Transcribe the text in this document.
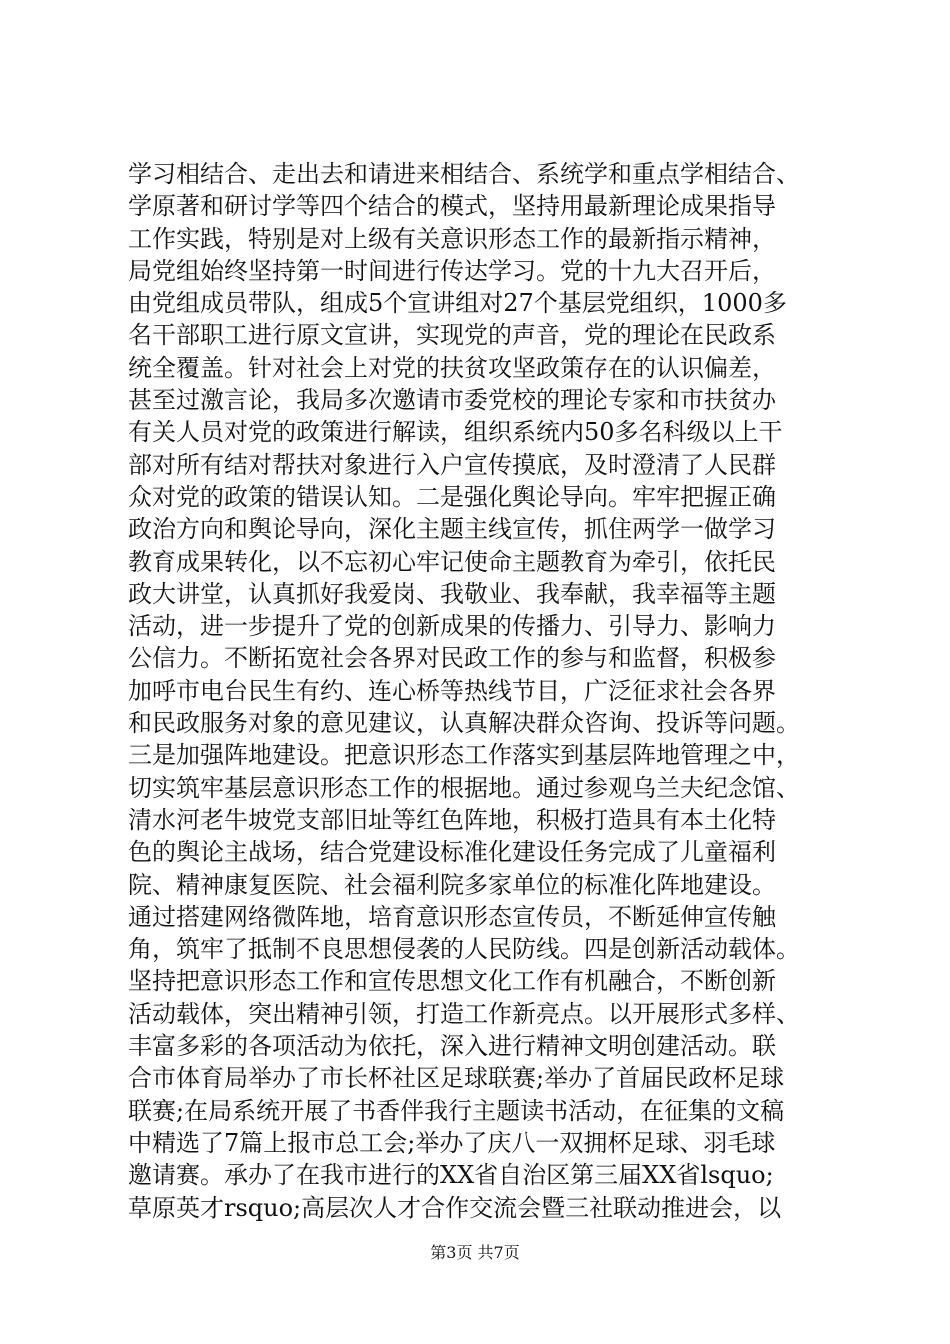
学习相结合、走出去和请进来相结合、系统学和重点学相结合、
学原著和研讨学等四个结合的模式，坚持用最新理论成果指导
工作实践，特别是对上级有关意识形态工作的最新指示精神，
局党组始终坚持第一时间进行传达学习。党的十九大召开后，
由党组成员带队，组成5个宣讲组对27个基层党组织，1000多
名干部职工进行原文宣讲，实现党的声音，党的理论在民政系
统全覆盖。针对社会上对党的扶贫攻坚政策存在的认识偏差，
甚至过激言论，我局多次邀请市委党校的理论专家和市扶贫办
有关人员对党的政策进行解读，组织系统内50多名科级以上干
部对所有结对帮扶对象进行入户宣传摸底，及时澄清了人民群
众对党的政策的错误认知。二是强化舆论导向。牢牢把握正确
政治方向和舆论导向，深化主题主线宣传，抓住两学一做学习
教育成果转化，以不忘初心牢记使命主题教育为牵引，依托民
政大讲堂，认真抓好我爱岗、我敬业、我奉献，我幸福等主题
活动，进一步提升了党的创新成果的传播力、引导力、影响力
公信力。不断拓宽社会各界对民政工作的参与和监督，积极参
加呼市电台民生有约、连心桥等热线节目，广泛征求社会各界
和民政服务对象的意见建议，认真解决群众咨询、投诉等问题。
三是加强阵地建设。把意识形态工作落实到基层阵地管理之中，
切实筑牢基层意识形态工作的根据地。通过参观乌兰夫纪念馆、
清水河老牛坡党支部旧址等红色阵地，积极打造具有本土化特
色的舆论主战场，结合党建设标准化建设任务完成了儿童福利
院、精神康复医院、社会福利院多家单位的标准化阵地建设。
通过搭建网络微阵地，培育意识形态宣传员，不断延伸宣传触
角，筑牢了抵制不良思想侵袭的人民防线。四是创新活动载体。
坚持把意识形态工作和宣传思想文化工作有机融合，不断创新
活动载体，突出精神引领，打造工作新亮点。以开展形式多样、
丰富多彩的各项活动为依托，深入进行精神文明创建活动。联
合市体育局举办了市长杯社区足球联赛;举办了首届民政杯足球
联赛;在局系统开展了书香伴我行主题读书活动，在征集的文稿
中精选了7篇上报市总工会;举办了庆八一双拥杯足球、羽毛球
邀请赛。承办了在我市进行的XX省自治区第三届XX省lsquo;
草原英才rsquo;高层次人才合作交流会暨三社联动推进会，以
第3页 共7页
